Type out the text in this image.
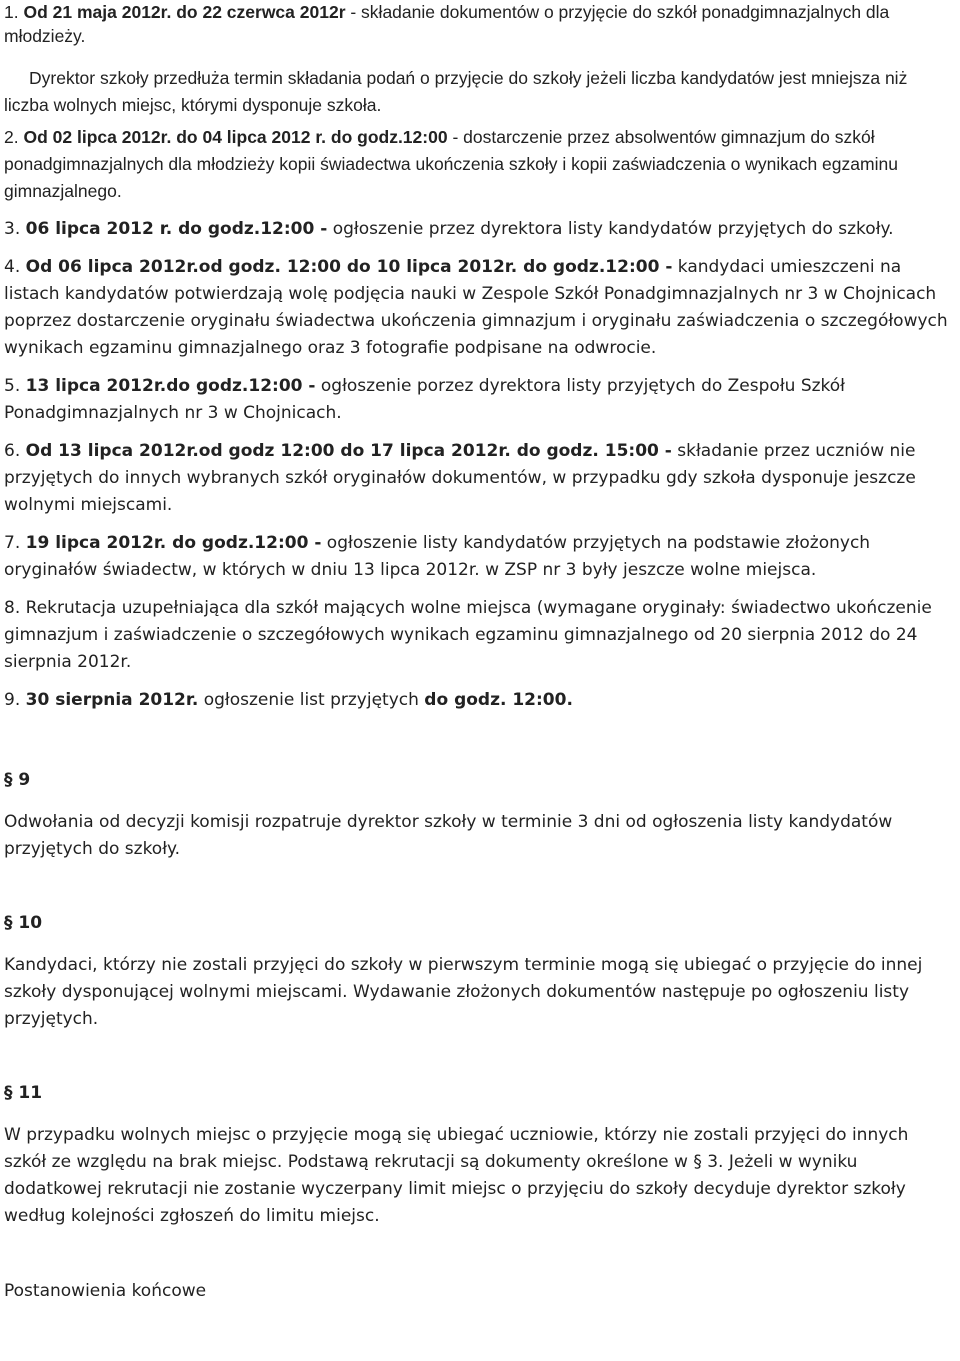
1. Od 21 maja 2012r. do 22 czerwca 2012r - składanie dokumentów o przyjęcie do szkół ponadgimnazjalnych dla młodzieży.

Dyrektor szkoły przedłuża termin składania podań o przyjęcie do szkoły jeżeli liczba kandydatów jest mniejsza niż liczba wolnych miejsc, którymi dysponuje szkoła.

2. Od 02 lipca 2012r. do 04 lipca 2012 r. do godz.12:00 - dostarczenie przez absolwentów gimnazjum do szkół ponadgimnazjalnych dla młodzieży kopii świadectwa ukończenia szkoły i kopii zaświadczenia o wynikach egzaminu gimnazjalnego.

3. 06 lipca 2012 r. do godz.12:00 - ogłoszenie przez dyrektora listy kandydatów przyjętych do szkoły.

4. Od 06 lipca 2012r.od godz. 12:00 do 10 lipca 2012r. do godz.12:00 - kandydaci umieszczeni na listach kandydatów potwierdzają wolę podjęcia nauki w Zespole Szkół Ponadgimnazjalnych nr 3 w Chojnicach poprzez dostarczenie oryginału świadectwa ukończenia gimnazjum i oryginału zaświadczenia o szczegółowych wynikach egzaminu gimnazjalnego oraz 3 fotografie podpisane na odwrocie.

5. 13 lipca 2012r.do godz.12:00 - ogłoszenie porzez dyrektora listy przyjętych do Zespołu Szkół Ponadgimnazjalnych nr 3 w Chojnicach.

6. Od 13 lipca 2012r.od godz 12:00 do 17 lipca 2012r. do godz. 15:00 - składanie przez uczniów nie przyjętych do innych wybranych szkół oryginałów dokumentów, w przypadku gdy szkoła dysponuje jeszcze wolnymi miejscami.

7. 19 lipca 2012r. do godz.12:00 - ogłoszenie listy kandydatów przyjętych na podstawie złożonych oryginałów świadectw, w których w dniu 13 lipca 2012r. w ZSP nr 3 były jeszcze wolne miejsca.

8. Rekrutacja uzupełniająca dla szkół mających wolne miejsca (wymagane oryginały: świadectwo ukończenie gimnazjum i zaświadczenie o szczegółowych wynikach egzaminu gimnazjalnego od 20 sierpnia 2012 do 24 sierpnia 2012r.

9. 30 sierpnia 2012r. ogłoszenie list przyjętych do godz. 12:00.

§ 9

Odwołania od decyzji komisji rozpatruje dyrektor szkoły w terminie 3 dni od ogłoszenia listy kandydatów przyjętych do szkoły.

§ 10

Kandydaci, którzy nie zostali przyjęci do szkoły w pierwszym terminie mogą się ubiegać o przyjęcie do innej szkoły dysponującej wolnymi miejscami. Wydawanie złożonych dokumentów następuje po ogłoszeniu listy przyjętych.

§ 11

W przypadku wolnych miejsc o przyjęcie mogą się ubiegać uczniowie, którzy nie zostali przyjęci do innych szkół ze względu na brak miejsc. Podstawą rekrutacji są dokumenty określone w § 3. Jeżeli w wyniku dodatkowej rekrutacji nie zostanie wyczerpany limit miejsc o przyjęciu do szkoły decyduje dyrektor szkoły według kolejności zgłoszeń do limitu miejsc.

Postanowienia końcowe
